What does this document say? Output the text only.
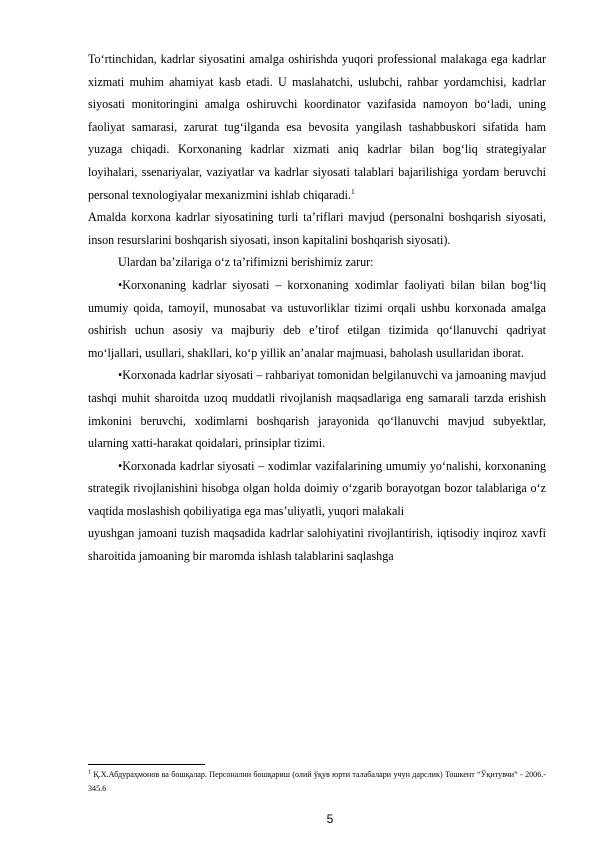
To‘rtinchidan, kadrlar siyosatini amalga oshirishda yuqori professional malakaga ega kadrlar xizmati muhim ahamiyat kasb etadi. U maslahatchi, uslubchi, rahbar yordamchisi, kadrlar siyosati monitoringini amalga oshiruvchi koordinator vazifasida namoyon bo‘ladi, uning faoliyat samarasi, zarurat tug‘ilganda esa bevosita yangilash tashabbuskori sifatida ham yuzaga chiqadi. Korxonaning kadrlar xizmati aniq kadrlar bilan bog‘liq strategiyalar loyihalari, ssenariyalar, vaziyatlar va kadrlar siyosati talablari bajarilishiga yordam beruvchi personal texnologiyalar mexanizmini ishlab chiqaradi.$^1$

Amalda korxona kadrlar siyosatining turli ta’riflari mavjud (personalni boshqarish siyosati, inson resurslarini boshqarish siyosati, inson kapitalini boshqarish siyosati).

Ulardan ba’zilariga o‘z ta’rifimizni berishimiz zarur:

•Korxonaning kadrlar siyosati – korxonaning xodimlar faoliyati bilan bilan bog‘liq umumiy qoida, tamoyil, munosabat va ustuvorliklar tizimi orqali ushbu korxonada amalga oshirish uchun asosiy va majburiy deb e’tirof etilgan tizimida qo‘llanuvchi qadriyat mo‘ljallari, usullari, shakllari, ko‘p yillik an’analar majmuasi, baholash usullaridan iborat.

•Korxonada kadrlar siyosati – rahbariyat tomonidan belgilanuvchi va jamoaning mavjud tashqi muhit sharoitda uzoq muddatli rivojlanish maqsadlariga eng samarali tarzda erishish imkonini beruvchi, xodimlarni boshqarish jarayonida qo‘llanuvchi mavjud subyektlar, ularning xatti-harakat qoidalari, prinsiplar tizimi.

•Korxonada kadrlar siyosati – xodimlar vazifalarining umumiy yo‘nalishi, korxonaning strategik rivojlanishini hisobga olgan holda doimiy o‘zgarib borayotgan bozor talablariga o‘z vaqtida moslashish qobiliyatiga ega mas’uliyatli, yuqori malakali

uyushgan jamoani tuzish maqsadida kadrlar salohiyatini rivojlantirish, iqtisodiy inqiroz xavfi sharoitida jamoaning bir maromda ishlash talablarini saqlashga

$^1$ Қ.Х.Абдураҳмонов ва бошқалар. Персонални бошқариш (олий ўқув юрти талабалари учун дарслик) Тошкент “Ўқитувчи” - 2006.- 345.6

5
